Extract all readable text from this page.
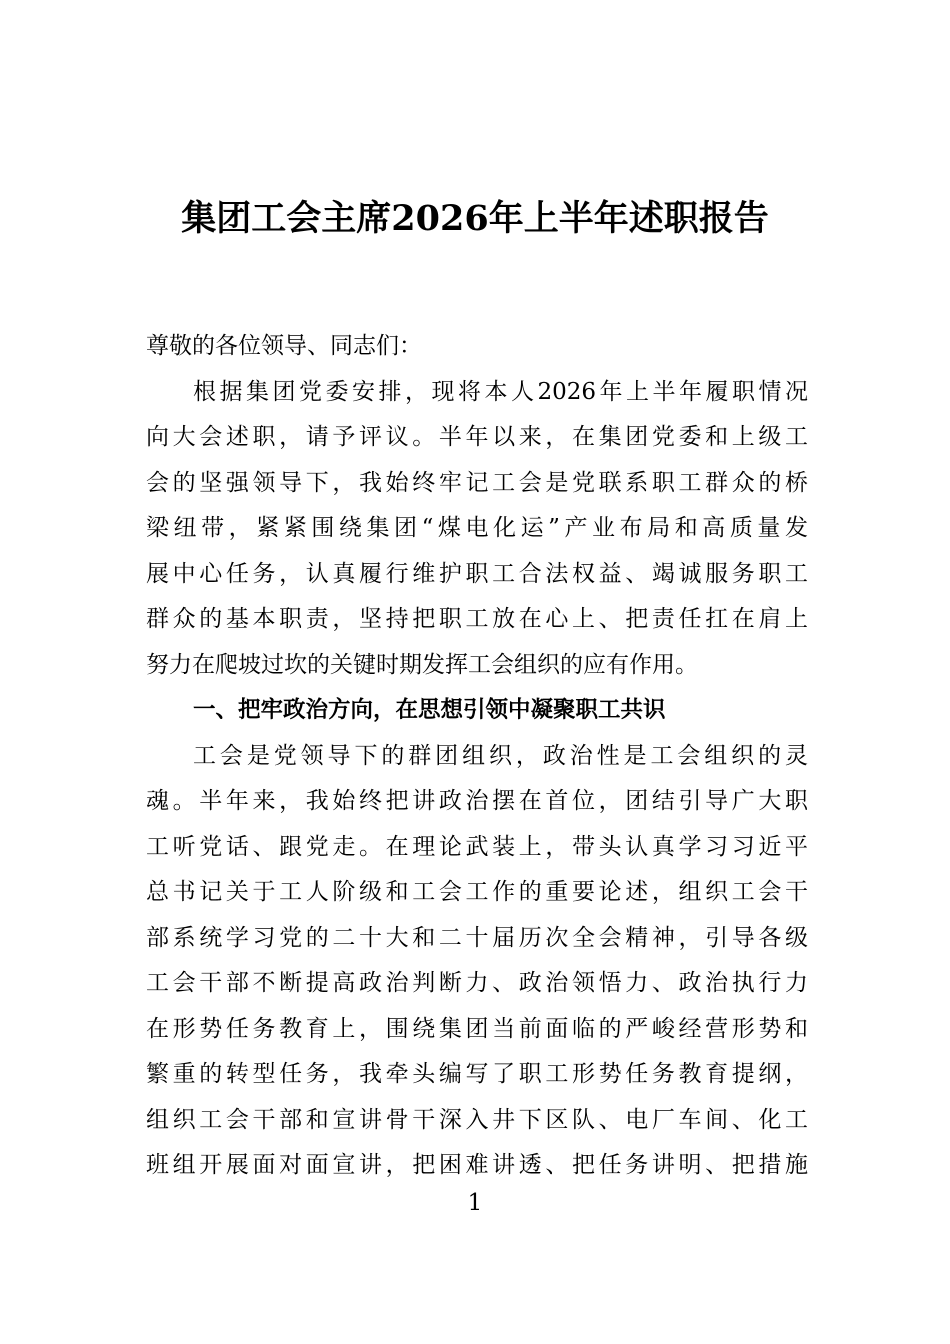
集团工会主席2026年上半年述职报告
尊敬的各位领导、同志们：
根据集团党委安排，现将本人2026年上半年履职情况
向大会述职，请予评议。半年以来，在集团党委和上级工
会的坚强领导下，我始终牢记工会是党联系职工群众的桥
梁纽带，紧紧围绕集团“煤电化运”产业布局和高质量发
展中心任务，认真履行维护职工合法权益、竭诚服务职工
群众的基本职责，坚持把职工放在心上、把责任扛在肩上
努力在爬坡过坎的关键时期发挥工会组织的应有作用。
一、把牢政治方向，在思想引领中凝聚职工共识
工会是党领导下的群团组织，政治性是工会组织的灵
魂。半年来，我始终把讲政治摆在首位，团结引导广大职
工听党话、跟党走。在理论武装上，带头认真学习习近平
总书记关于工人阶级和工会工作的重要论述，组织工会干
部系统学习党的二十大和二十届历次全会精神，引导各级
工会干部不断提高政治判断力、政治领悟力、政治执行力
在形势任务教育上，围绕集团当前面临的严峻经营形势和
繁重的转型任务，我牵头编写了职工形势任务教育提纲，
组织工会干部和宣讲骨干深入井下区队、电厂车间、化工
班组开展面对面宣讲，把困难讲透、把任务讲明、把措施
1
